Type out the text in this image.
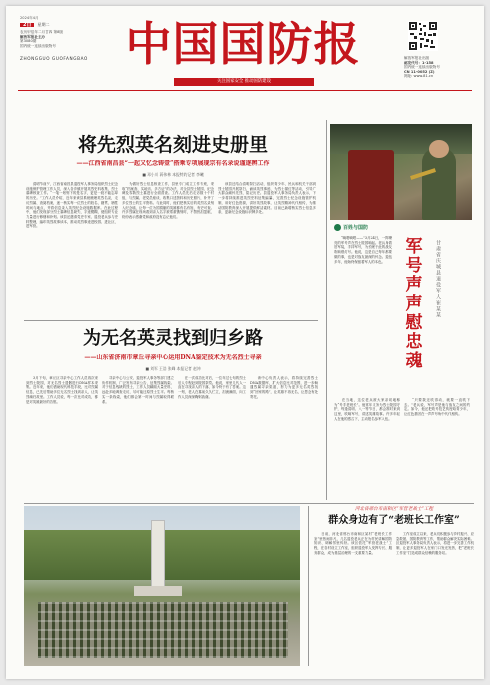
2024年4月
2日	星期二
农历甲辰年二月廿四 第8版
解放军报社主办
第3080期
国内统一连续出版物号
ZHONGGUO GUOFANGBAO 中国国防报
关注国家安全 推动国防建设
解放军报社出版
邮发代号：1-158
国内统一连续出版物号
CN 11-0052 (Z)
网址: www.81.cn
将先烈英名刻进史册里
——江西省南昌县“一起又忆念铸壹”搭乘专项展现宗有名录说谨逐辨工作
■ 邓小川 蒋伟林 本报特约记者 李曦
　　清明节前夕，江西省南昌县退役军人事务局组织烈士纪念设施保护管理工作人员，深入各乡镇开展英烈史料收集、烈士墓碑核查工作。“一笔一划刻下的是名字，更是一段不能忘却的历史。”工作人员介绍，近年来该县系统梳理英烈名录，走访烈属、查阅档案，逐一核实每一位烈士的姓名、籍贯、牺牲时间与地点，并将信息录入英烈纪念设施数据库。在此过程中，他们发现部分烈士墓碑信息缺失、字迹模糊，便组织专业力量进行修缮和补刻。该县还邀请党史专家、退役老兵参与史料整理，编印英烈故事读本，推动英烈事迹进校园、进社区、进军营。
　　为做好烈士信息核查工作，县里专门成立工作专班，采取“档案查、实地访、多方证”的办法，对全县烈士陵园、纪念碑及零散烈士墓进行全面普查。工作人员先后走访数十个村组，与烈属、老党员座谈，收集口述资料和历史照片，补齐了多位烈士的生平资料。与此同时，他们把核实后的英烈名录刻入纪念墙，让每一位为国捐躯的英雄都有名有姓、有史可查。许多烈属在现场看到亲人名字被郑重镌刻时，不禁热泪盈眶，纷纷表示感谢党和政府没有忘记他们。
　　该县还结合清明祭扫活动，组织青少年、民兵和机关干部到烈士陵园开展祭扫、诵读英烈事迹、为烈士描红等活动，引导广大群众缅怀先烈、铭记历史。县退役军人事务局负责人表示，下一步将持续推进英烈史料征集编纂，完善烈士纪念设施管护机制，用好红色资源，讲好英烈故事，让英烈精神代代相传，为推动国防教育深入开展提供鲜活素材。目前已新增核实烈士信息多条，更新纪念设施标识牌多处。
为无名英灵找到归乡路
——山东省济南市章丘寻亲中心运用DNA鉴定技术为无名烈士寻亲
■ 刘军 王浩 张峰 本报记者 赵冲
　　3月下旬，章丘区寻亲中心工作人员再次来到烈士陵园，对无名烈士遗骸进行DNA样本采集。近年来，他们借助现代科技手段，比对烈属信息，已先后帮助多位无名烈士找到亲人，让英烈魂归故里。工作人员说，每一次比对成功，都是对英雄最好的告慰。
　　寻亲中心与公安、退役军人事务等部门建立协作机制，广泛发布寻亲公告，征集烈属线索。对于信息残缺的烈士，工作人员翻阅大量史料，远赴多地调查走访，尽可能还原烈士生平。每核实一条线索，他们都会第一时间与烈属取得联系。
　　在一次成功比对后，一位年过七旬的烈士后人专程赶到陵园祭奠。他说，家里几代人一直在寻找亲人的下落，如今终于有了答案。这一刻，老人在墓前久久伫立，泪流满面，向工作人员深深鞠躬致谢。
　　该中心负责人表示，将持续完善烈士DNA数据库，扩大信息比对范围，进一步畅通烈属寻亲渠道，努力为更多无名英烈找到“回家的路”，让英雄不再无名，让思念有处寄托。
百姓与国防
　　“嘀嗒嘀嗒——”3月24日，一阵嘹亮的军号声在烈士陵园响起。老兵身着旧军装，手持军号，为长眠于此的战友吹响熄灯号。他说，这是自己每年都要做的事，也是对战友最深的怀念。退伍多年，他始终保留着军人的本色。
　　在当地，这位老兵被大家亲切地称为“号手老班长”。他常年义务为烈士陵园守护，每逢清明、八一等节日，都会准时来到这里，吹响军号，讲述英雄故事。许多年轻人在他的感召下，主动报名参军入伍。
　　“只要我还吹得动，就要一直吹下去。”老兵说，军号声是他与战友之间的约定。如今，他还把吹号技艺传授给青少年，让红色基因在一声声号角中代代相传。
军
号
声
声
慰
忠
魂
甘肃省庆城县退役军人崔某某
河北省邢台市南和区“军营老战士”工程
群众身边有了“老班长工作室”
　　日前，河北省邢台市南和区某村“老班长工作室”里热闹非凡，几名退役老兵正在为村民讲解国防知识、调解邻里纠纷。该区依托“军营老战士”工程，在各村设立工作室，组织退役军人发挥专长、服务群众，成为基层治理的一支重要力量。
　　工作室成立以来，老兵们积极参与乡村振兴、应急救援、国防教育等工作，帮助群众解决实际困难。区退役军人事务局负责人表示，将进一步完善工作机制，让更多退役军人在家门口发光发热，把“老班长工作室”打造成群众信赖的服务站。
